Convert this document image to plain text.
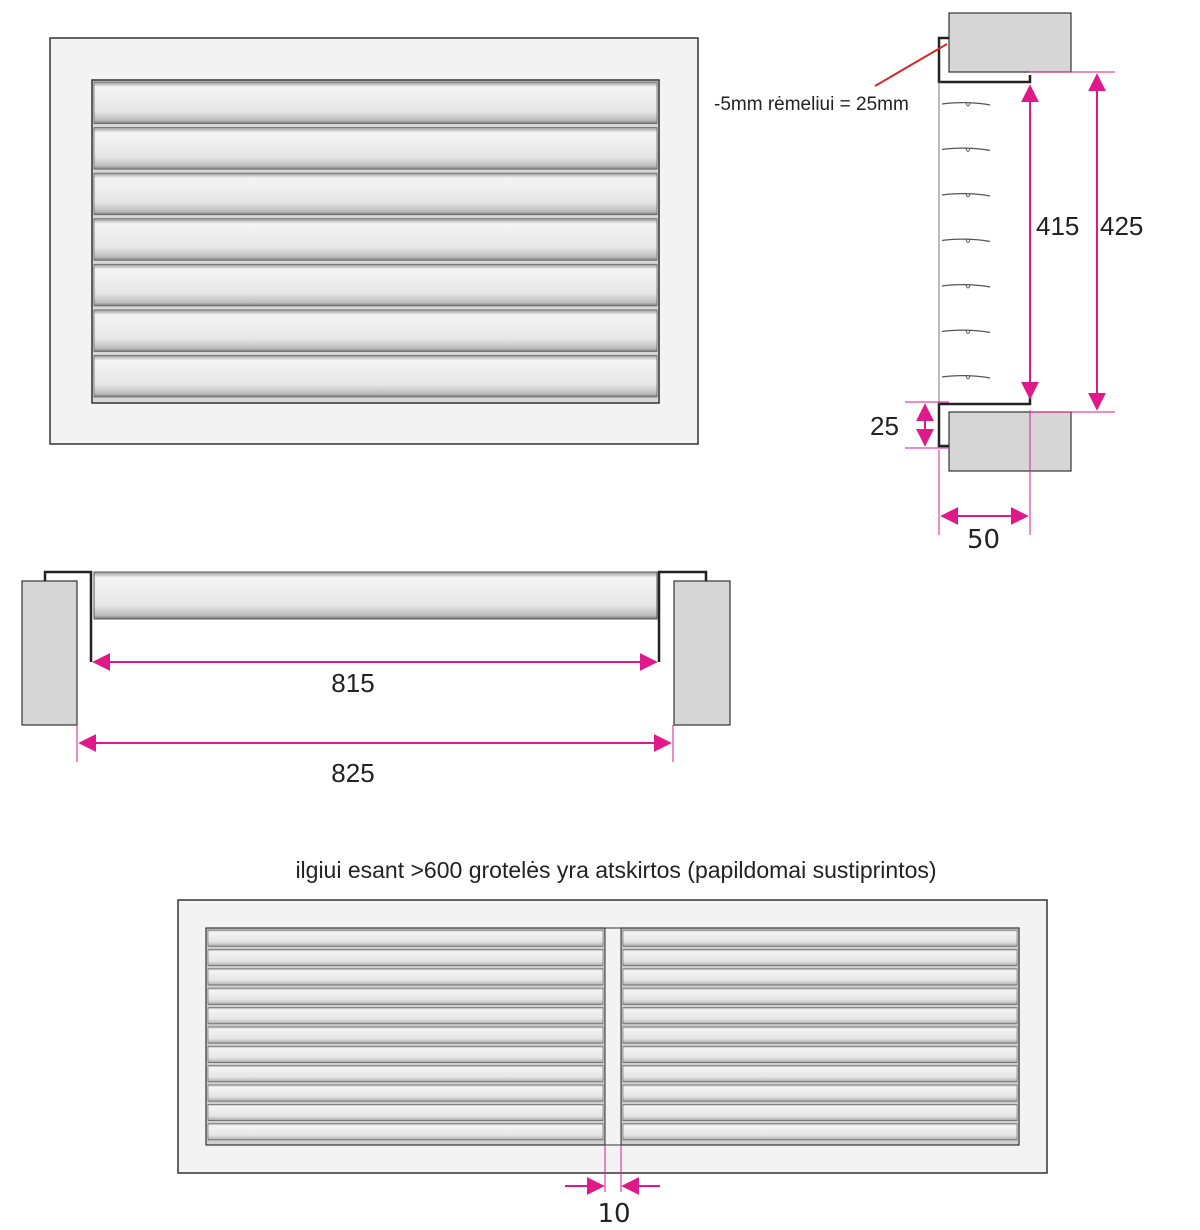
-5mm rėmeliui = 25mm
415 425
25
50
815
825
ilgiui esant >600 grotelės yra atskirtos (papildomai sustiprintos)
10
